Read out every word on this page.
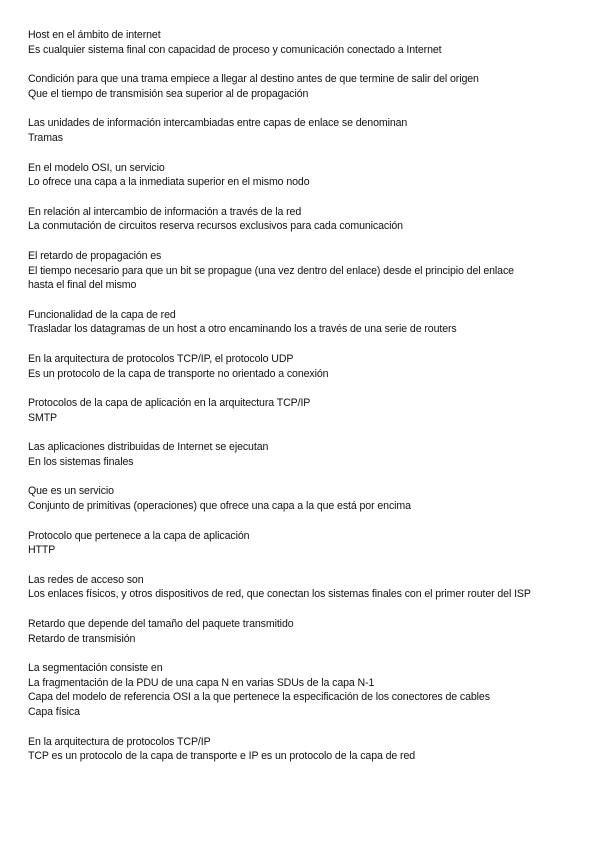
Host en el ámbito de internet
Es cualquier sistema final con capacidad de proceso y comunicación conectado a Internet
Condición para que una trama empiece a llegar al destino antes de que termine de salir del origen
Que el tiempo de transmisión sea superior al de propagación
Las unidades de información intercambiadas entre capas de enlace se denominan
Tramas
En el modelo OSI, un servicio
Lo ofrece una capa a la inmediata superior en el mismo nodo
En relación al intercambio de información a través de la red
La conmutación de circuitos reserva recursos exclusivos para cada comunicación
El retardo de propagación es
El tiempo necesario para que un bit se propague (una vez dentro del enlace) desde el principio del enlace
hasta el final del mismo
Funcionalidad de la capa de red
Trasladar los datagramas de un host a otro encaminando los a través de una serie de routers
En la arquitectura de protocolos TCP/IP, el protocolo UDP
Es un protocolo de la capa de transporte no orientado a conexión
Protocolos de la capa de aplicación en la arquitectura TCP/IP
SMTP
Las aplicaciones distribuidas de Internet se ejecutan
En los sistemas finales
Que es un servicio
Conjunto de primitivas (operaciones) que ofrece una capa a la que está por encima
Protocolo que pertenece a la capa de aplicación
HTTP
Las redes de acceso son
Los enlaces físicos, y otros dispositivos de red, que conectan los sistemas finales con el primer router del ISP
Retardo que depende del tamaño del paquete transmitido
Retardo de transmisión
La segmentación consiste en
La fragmentación de la PDU de una capa N en varias SDUs de la capa N-1
Capa del modelo de referencia OSI a la que pertenece la especificación de los conectores de cables
Capa física
En la arquitectura de protocolos TCP/IP
TCP es un protocolo de la capa de transporte e IP es un protocolo de la capa de red
